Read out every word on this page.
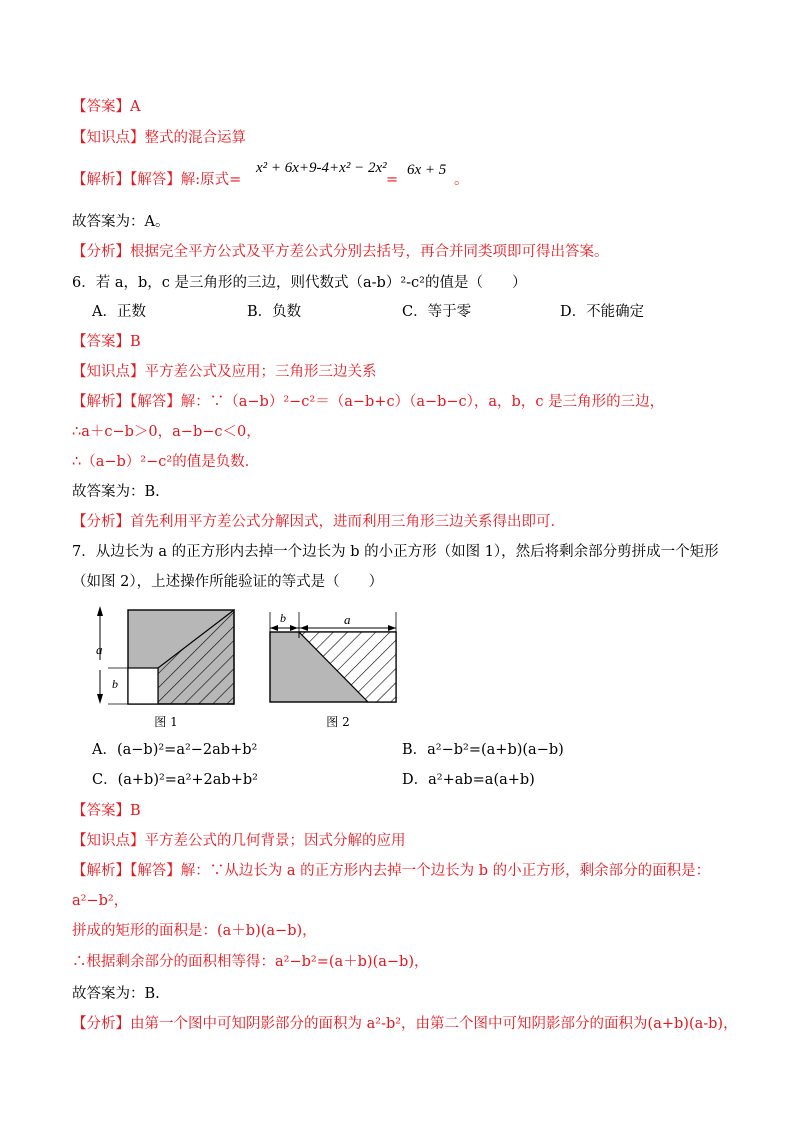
【答案】A
【知识点】整式的混合运算
【解析】【解答】解:原式=
x² + 6x+9-4+x² − 2x²
=
6x + 5
。
故答案为：A。
【分析】根据完全平方公式及平方差公式分别去括号，再合并同类项即可得出答案。
6．若 a，b，c 是三角形的三边，则代数式（a-b）²-c²的值是（　　）
A．正数	B．负数	C．等于零	D．不能确定
【答案】B
【知识点】平方差公式及应用；三角形三边关系
【解析】【解答】解：∵（a−b）²−c²＝（a−b+c）（a−b−c），a，b，c 是三角形的三边，
∴a＋c−b＞0，a−b−c＜0，
∴（a−b）²−c²的值是负数．
故答案为：B.
【分析】首先利用平方差公式分解因式，进而利用三角形三边关系得出即可．
7．从边长为 a 的正方形内去掉一个边长为 b 的小正方形（如图 1），然后将剩余部分剪拼成一个矩形
（如图 2），上述操作所能验证的等式是（　　）
a
b
图 1
b	a
图 2
A．(a−b)²=a²−2ab+b²	B．a²−b²=(a+b)(a−b)
C．(a+b)²=a²+2ab+b²	D．a²+ab=a(a+b)
【答案】B
【知识点】平方差公式的几何背景；因式分解的应用
【解析】【解答】解：∵从边长为 a 的正方形内去掉一个边长为 b 的小正方形，剩余部分的面积是：
a²−b²，
拼成的矩形的面积是：(a＋b)(a−b)，
∴根据剩余部分的面积相等得：a²−b²=(a＋b)(a−b)，
故答案为：B.
【分析】由第一个图中可知阴影部分的面积为 a²-b²，由第二个图中可知阴影部分的面积为(a+b)(a-b)，
